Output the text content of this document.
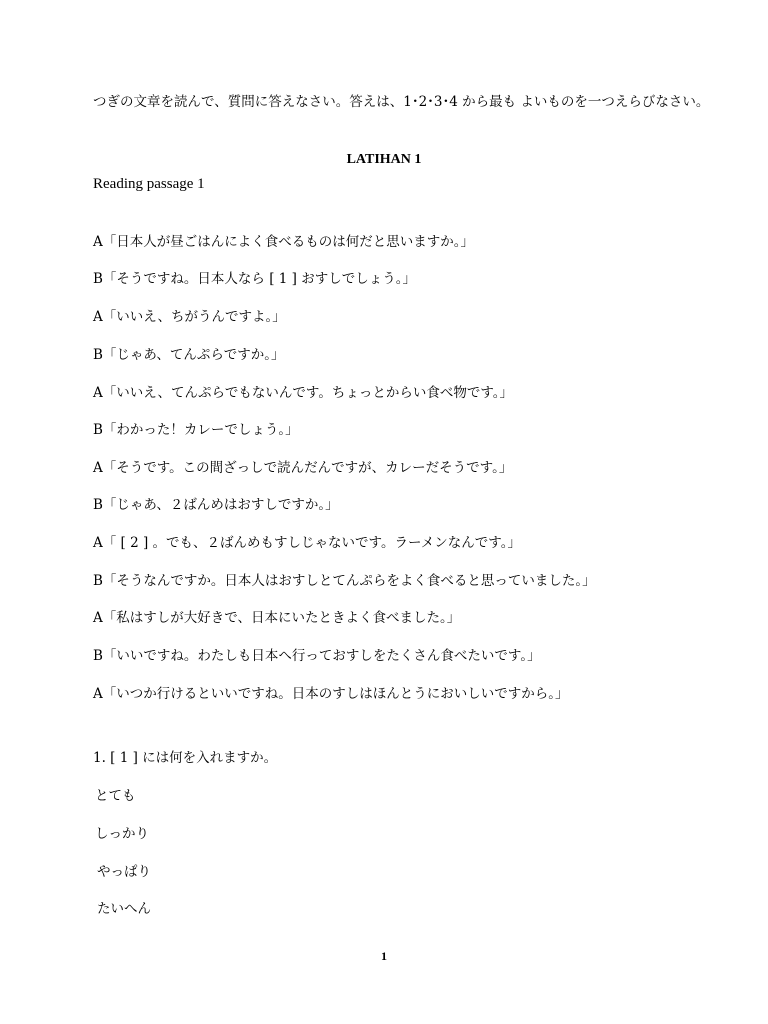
つぎの文章を読んで、質問に答えなさい。答えは、1･2･3･4 から最も よいものを一つえらびなさい。
LATIHAN 1
Reading passage 1
A「日本人が昼ごはんによく食べるものは何だと思いますか。」
B「そうですね。日本人なら [ 1 ] おすしでしょう。」
A「いいえ、ちがうんですよ。」
B「じゃあ、てんぷらですか。」
A「いいえ、てんぷらでもないんです。ちょっとからい食べ物です。」
B「わかった！カレーでしょう。」
A「そうです。この間ざっしで読んだんですが、カレーだそうです。」
B「じゃあ、２ばんめはおすしですか。」
A「 [ 2 ] 。でも、２ばんめもすしじゃないです。ラーメンなんです。」
B「そうなんですか。日本人はおすしとてんぷらをよく食べると思っていました。」
A「私はすしが大好きで、日本にいたときよく食べました。」
B「いいですね。わたしも日本へ行っておすしをたくさん食べたいです。」
A「いつか行けるといいですね。日本のすしはほんとうにおいしいですから。」
1. [ 1 ] には何を入れますか。
とても
しっかり
やっぱり
たいへん
1
